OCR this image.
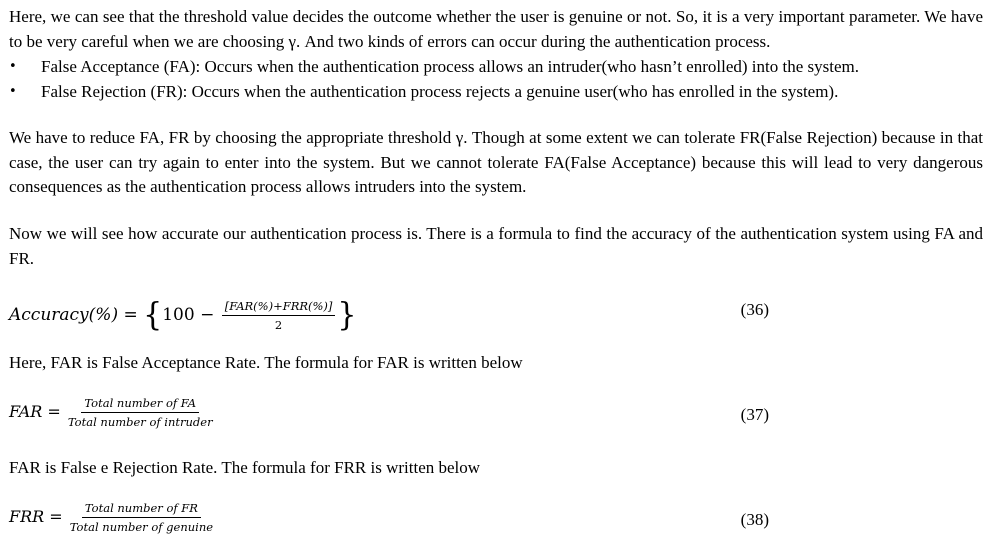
Here, we can see that the threshold value decides the outcome whether the user is genuine or not. So, it is a very important parameter. We have to be very careful when we are choosing γ. And two kinds of errors can occur during the authentication process.

•	False Acceptance (FA): Occurs when the authentication process allows an intruder(who hasn’t enrolled) into the system.
•	False Rejection (FR): Occurs when the authentication process rejects a genuine user(who has enrolled in the system).

We have to reduce FA, FR by choosing the appropriate threshold γ. Though at some extent we can tolerate FR(False Rejection) because in that case, the user can try again to enter into the system. But we cannot tolerate FA(False Acceptance) because this will lead to very dangerous consequences as the authentication process allows intruders into the system.

Now we will see how accurate our authentication process is. There is a formula to find the accuracy of the authentication system using FA and FR.

Accuracy(%) = {$100 - \frac{\text{[FAR(\%)+FRR(\%)]}}{2}$ }	(36)

Here, FAR is False Acceptance Rate. The formula for FAR is written below

FAR = $\frac{\text{Total number of FA}}{\text{Total number of intruder}}$	(37)

FAR is False e Rejection Rate. The formula for FRR is written below

FRR = $\frac{\text{Total number of FR}}{\text{Total number of genuine}}$	(38)
